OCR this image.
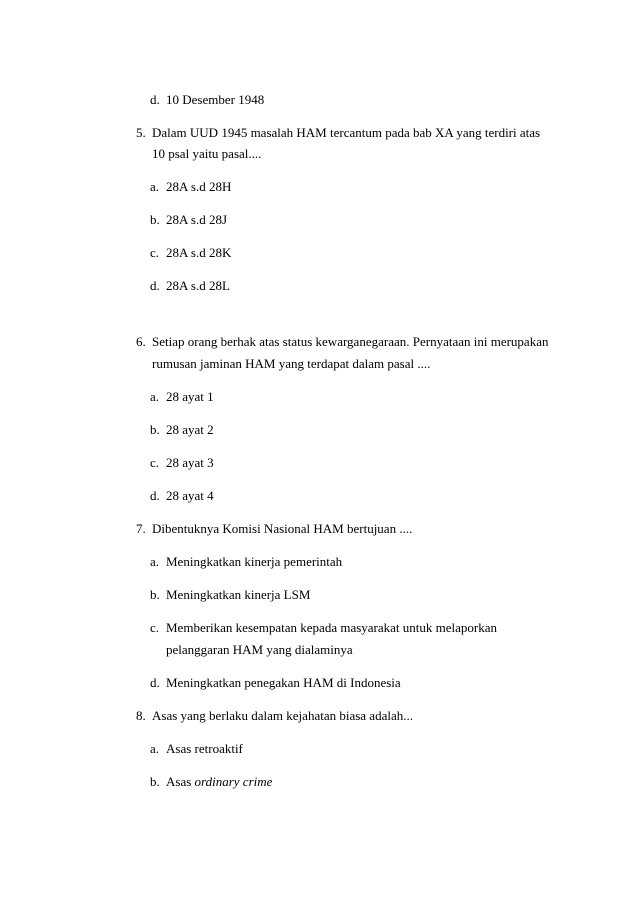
d. 10 Desember 1948
5. Dalam UUD 1945 masalah HAM tercantum pada bab XA yang terdiri atas
10 psal yaitu pasal....
a. 28A s.d 28H
b. 28A s.d 28J
c. 28A s.d 28K
d. 28A s.d 28L
6. Setiap orang berhak atas status kewarganegaraan. Pernyataan ini merupakan
rumusan jaminan HAM yang terdapat dalam pasal ....
a. 28 ayat 1
b. 28 ayat 2
c. 28 ayat 3
d. 28 ayat 4
7. Dibentuknya Komisi Nasional HAM bertujuan ....
a. Meningkatkan kinerja pemerintah
b. Meningkatkan kinerja LSM
c. Memberikan kesempatan kepada masyarakat untuk melaporkan
pelanggaran HAM yang dialaminya
d. Meningkatkan penegakan HAM di Indonesia
8. Asas yang berlaku dalam kejahatan biasa adalah...
a. Asas retroaktif
b. Asas ordinary crime
